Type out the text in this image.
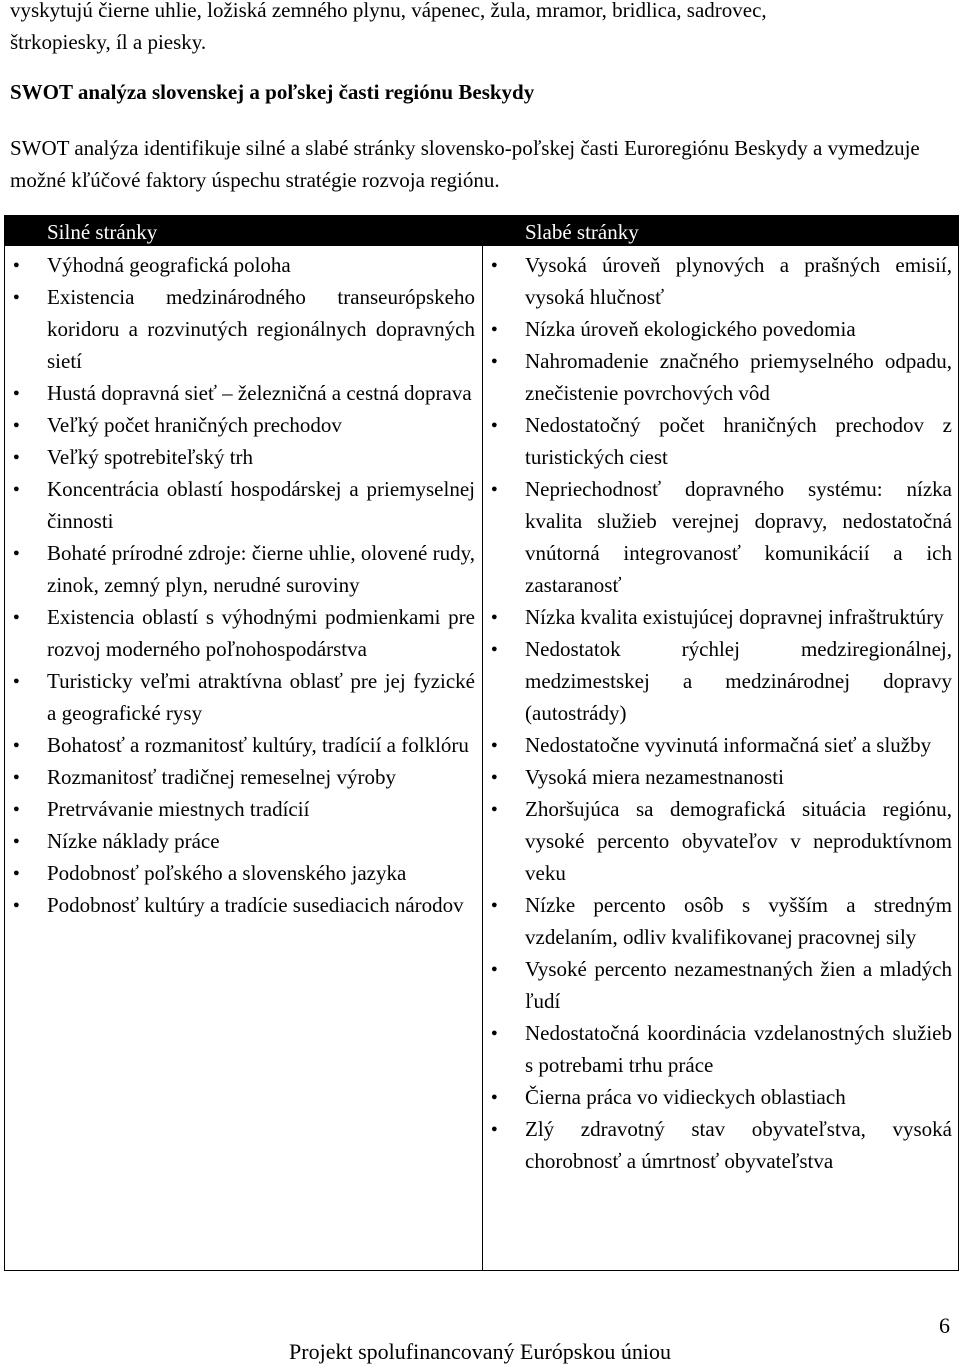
vyskytujú čierne uhlie, ložiská zemného plynu, vápenec, žula, mramor, bridlica, sadrovec,

štrkopiesky, íl a piesky.

SWOT analýza slovenskej a poľskej časti regiónu Beskydy

SWOT analýza identifikuje silné a slabé stránky slovensko-poľskej časti Euroregiónu Beskydy a vymedzuje možné kľúčové faktory úspechu stratégie rozvoja regiónu.

Silné stránky	Slabé stránky
● Výhodná geografická poloha
● Existencia medzinárodného transeurópskeho koridoru a rozvinutých regionálnych dopravných sietí
● Hustá dopravná sieť – železničná a cestná doprava
● Veľký počet hraničných prechodov
● Veľký spotrebiteľský trh
● Koncentrácia oblastí hospodárskej a priemyselnej činnosti
● Bohaté prírodné zdroje: čierne uhlie, olovené rudy, zinok, zemný plyn, nerudné suroviny
● Existencia oblastí s výhodnými podmienkami pre rozvoj moderného poľnohospodárstva
● Turisticky veľmi atraktívna oblasť pre jej fyzické a geografické rysy
● Bohatosť a rozmanitosť kultúry, tradícií a folklóru
● Rozmanitosť tradičnej remeselnej výroby
● Pretrvávanie miestnych tradícií
● Nízke náklady práce
● Podobnosť poľského a slovenského jazyka
● Podobnosť kultúry a tradície susediacich národov
● Vysoká úroveň plynových a prašných emisií, vysoká hlučnosť
● Nízka úroveň ekologického povedomia
● Nahromadenie značného priemyselného odpadu, znečistenie povrchových vôd
● Nedostatočný počet hraničných prechodov z turistických ciest
● Nepriechodnosť dopravného systému: nízka kvalita služieb verejnej dopravy, nedostatočná vnútorná integrovanosť komunikácií a ich zastaranosť
● Nízka kvalita existujúcej dopravnej infraštruktúry
● Nedostatok rýchlej medziregionálnej, medzimestskej a medzinárodnej dopravy (autostrády)
● Nedostatočne vyvinutá informačná sieť a služby
● Vysoká miera nezamestnanosti
● Zhoršujúca sa demografická situácia regiónu, vysoké percento obyvateľov v neproduktívnom veku
● Nízke percento osôb s vyšším a stredným vzdelaním, odliv kvalifikovanej pracovnej sily
● Vysoké percento nezamestnaných žien a mladých ľudí
● Nedostatočná koordinácia vzdelanostných služieb s potrebami trhu práce
● Čierna práca vo vidieckych oblastiach
● Zlý zdravotný stav obyvateľstva, vysoká chorobnosť a úmrtnosť obyvateľstva

6

Projekt spolufinancovaný Európskou úniou
